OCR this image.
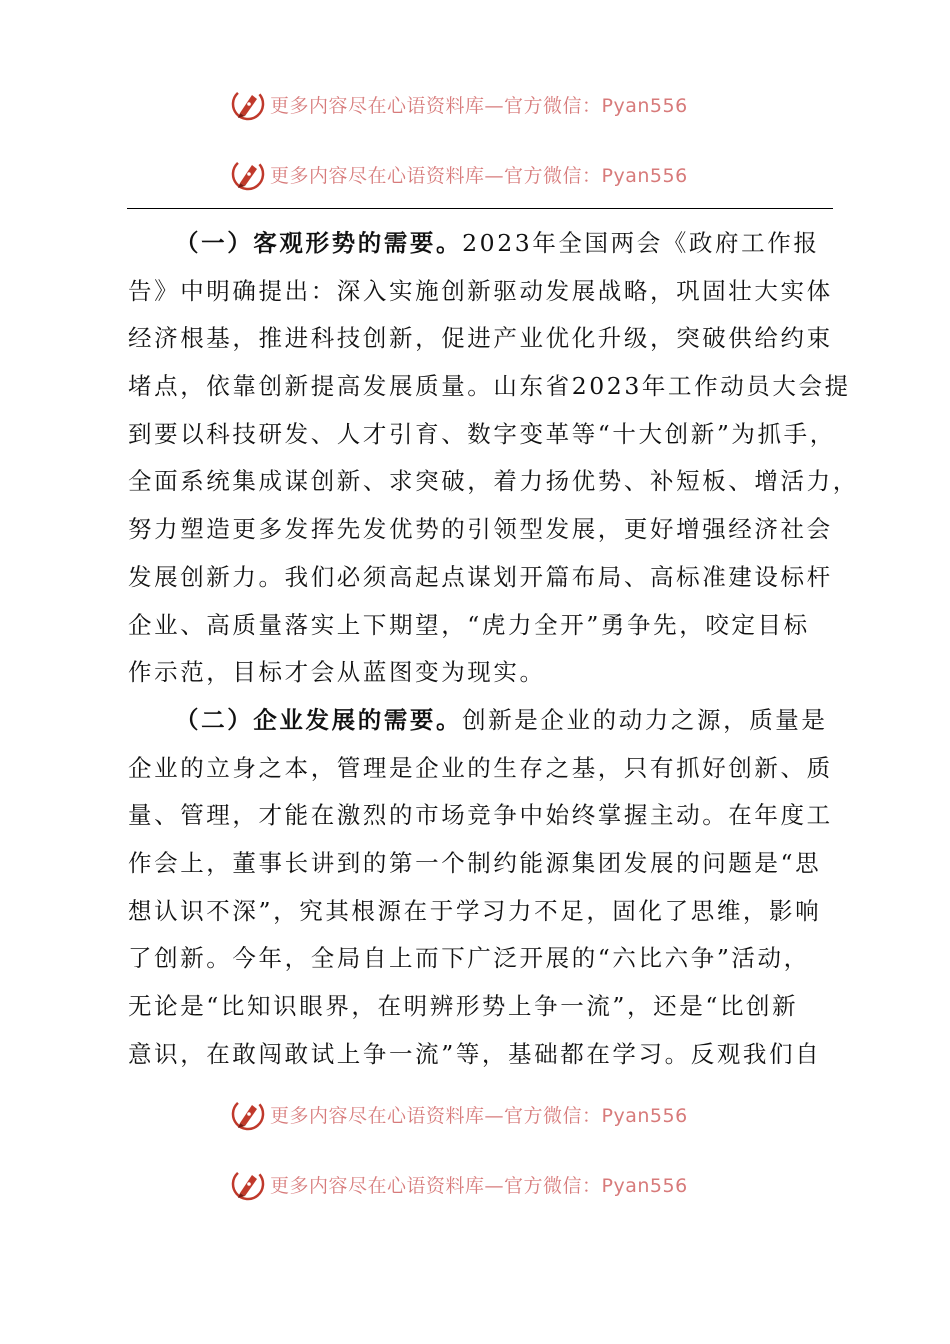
更多内容尽在心语资料库—官方微信：Pyan556
更多内容尽在心语资料库—官方微信：Pyan556
（一）客观形势的需要。2023年全国两会《政府工作报
告》中明确提出：深入实施创新驱动发展战略，巩固壮大实体
经济根基，推进科技创新，促进产业优化升级，突破供给约束
堵点，依靠创新提高发展质量。山东省2023年工作动员大会提
到要以科技研发、人才引育、数字变革等“十大创新”为抓手，
全面系统集成谋创新、求突破，着力扬优势、补短板、增活力，
努力塑造更多发挥先发优势的引领型发展，更好增强经济社会
发展创新力。我们必须高起点谋划开篇布局、高标准建设标杆
企业、高质量落实上下期望，“虎力全开”勇争先，咬定目标
作示范，目标才会从蓝图变为现实。
（二）企业发展的需要。创新是企业的动力之源，质量是
企业的立身之本，管理是企业的生存之基，只有抓好创新、质
量、管理，才能在激烈的市场竞争中始终掌握主动。在年度工
作会上，董事长讲到的第一个制约能源集团发展的问题是“思
想认识不深”，究其根源在于学习力不足，固化了思维，影响
了创新。今年，全局自上而下广泛开展的“六比六争”活动，
无论是“比知识眼界，在明辨形势上争一流”，还是“比创新
意识，在敢闯敢试上争一流”等，基础都在学习。反观我们自
更多内容尽在心语资料库—官方微信：Pyan556
更多内容尽在心语资料库—官方微信：Pyan556
